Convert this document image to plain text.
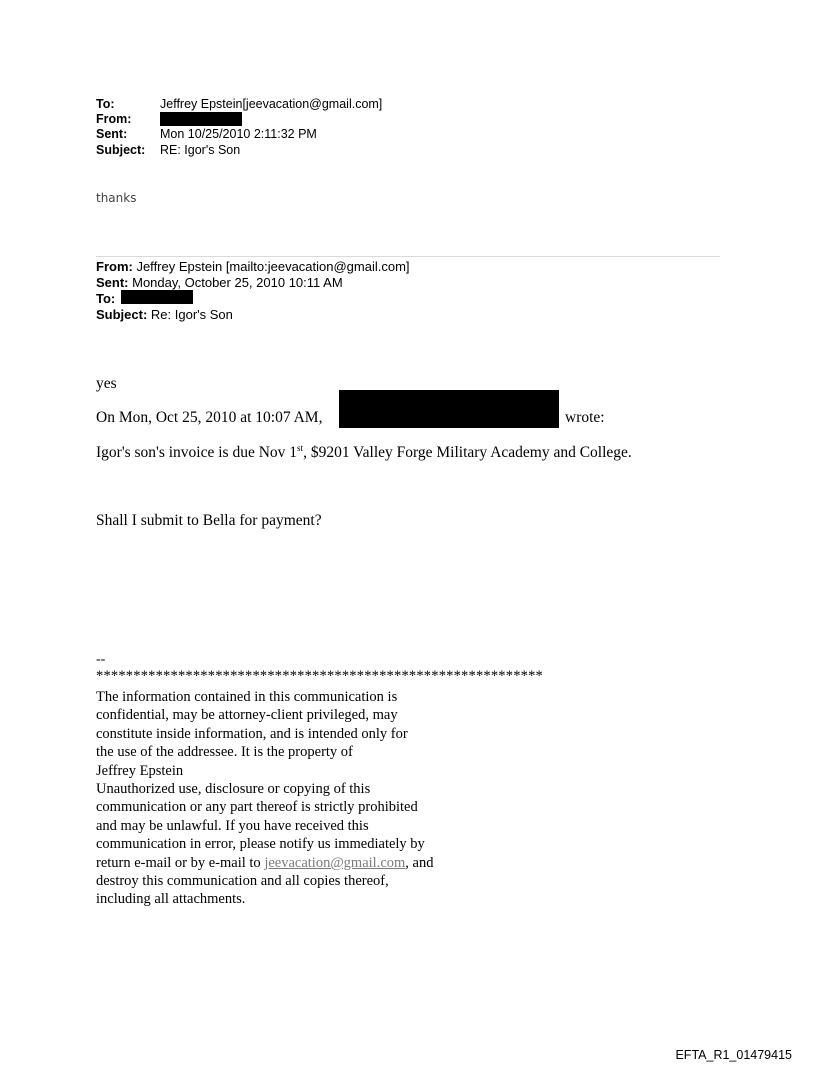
To:	Jeffrey Epstein[jeevacation@gmail.com]
From:
Sent:	Mon 10/25/2010 2:11:32 PM
Subject: RE: Igor's Son
thanks
From: Jeffrey Epstein [mailto:jeevacation@gmail.com]
Sent: Monday, October 25, 2010 10:11 AM
To:
Subject: Re: Igor's Son
yes
On Mon, Oct 25, 2010 at 10:07 AM,	wrote:
Igor's son's invoice is due Nov 1st, $9201 Valley Forge Military Academy and College.
Shall I submit to Bella for payment?
--
************************************************************
The information contained in this communication is
confidential, may be attorney-client privileged, may
constitute inside information, and is intended only for
the use of the addressee. It is the property of
Jeffrey Epstein
Unauthorized use, disclosure or copying of this
communication or any part thereof is strictly prohibited
and may be unlawful. If you have received this
communication in error, please notify us immediately by
return e-mail or by e-mail to jeevacation@gmail.com, and
destroy this communication and all copies thereof,
including all attachments.
EFTA_R1_01479415
